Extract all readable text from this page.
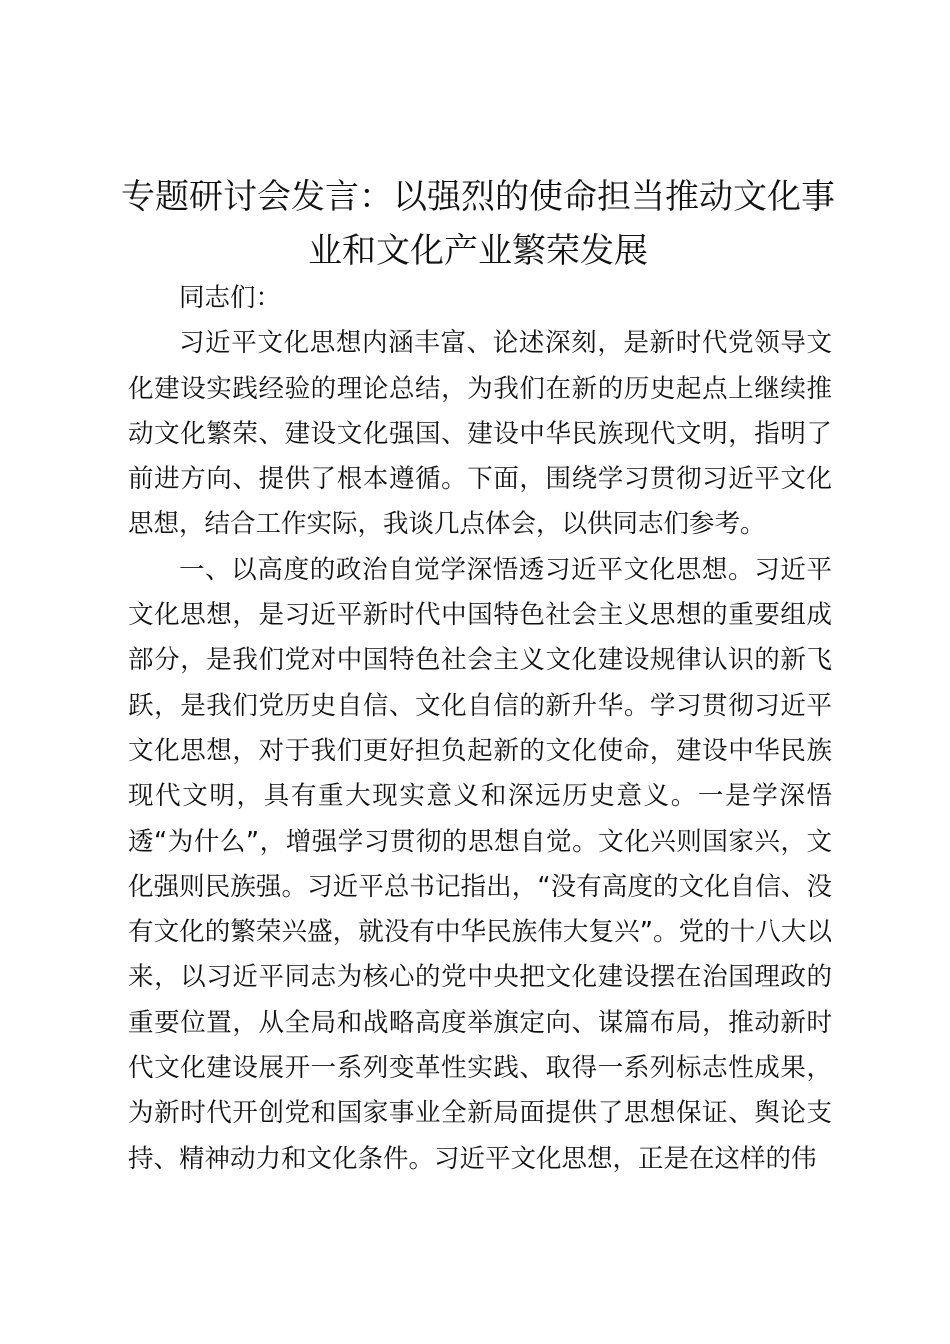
专题研讨会发言：以强烈的使命担当推动文化事业和文化产业繁荣发展

同志们：

习近平文化思想内涵丰富、论述深刻，是新时代党领导文化建设实践经验的理论总结，为我们在新的历史起点上继续推动文化繁荣、建设文化强国、建设中华民族现代文明，指明了前进方向、提供了根本遵循。下面，围绕学习贯彻习近平文化思想，结合工作实际，我谈几点体会，以供同志们参考。

一、以高度的政治自觉学深悟透习近平文化思想。习近平文化思想，是习近平新时代中国特色社会主义思想的重要组成部分，是我们党对中国特色社会主义文化建设规律认识的新飞跃，是我们党历史自信、文化自信的新升华。学习贯彻习近平文化思想，对于我们更好担负起新的文化使命，建设中华民族现代文明，具有重大现实意义和深远历史意义。一是学深悟透“为什么”，增强学习贯彻的思想自觉。文化兴则国家兴，文化强则民族强。习近平总书记指出，“没有高度的文化自信、没有文化的繁荣兴盛，就没有中华民族伟大复兴”。党的十八大以来，以习近平同志为核心的党中央把文化建设摆在治国理政的重要位置，从全局和战略高度举旗定向、谋篇布局，推动新时代文化建设展开一系列变革性实践、取得一系列标志性成果，为新时代开创党和国家事业全新局面提供了思想保证、舆论支持、精神动力和文化条件。习近平文化思想，正是在这样的伟
